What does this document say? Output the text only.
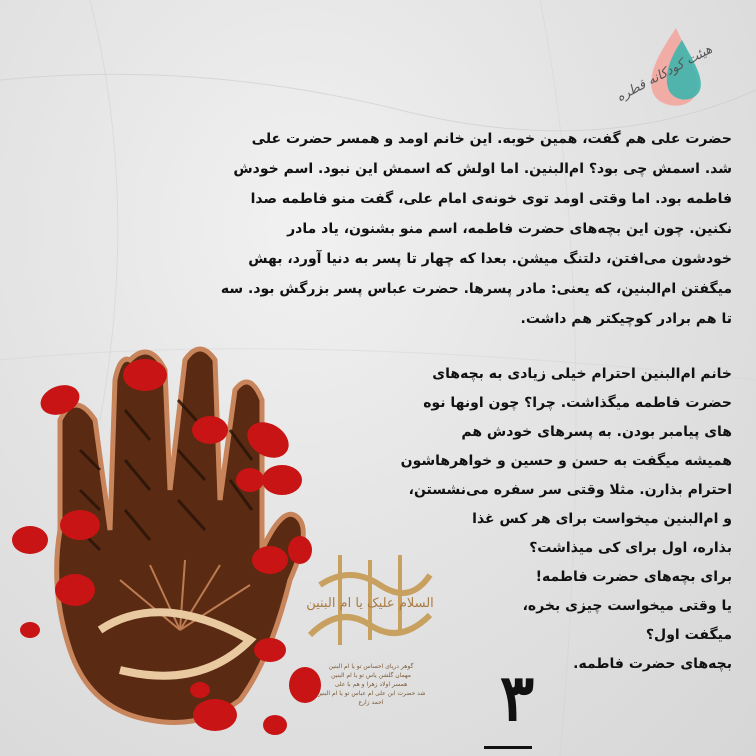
هیئت کودکانه قطره
حضرت علی هم گفت، همین خوبه. این خانم اومد و همسر حضرت علی
شد. اسمش چی بود؟ ام‌البنین. اما اولش که اسمش این نبود. اسم خودش
فاطمه بود. اما وقتی اومد توی خونه‌ی امام علی، گفت منو فاطمه صدا
نکنین. چون این بچه‌های حضرت فاطمه، اسم منو بشنون، یاد مادر
خودشون می‌افتن، دلتنگ میشن. بعدا که چهار تا پسر به دنیا آورد، بهش
میگفتن ام‌البنین، که یعنی: مادر پسرها. حضرت عباس پسر بزرگش بود. سه
تا هم برادر کوچیکتر هم داشت.
السلام علیک یا ام البنین
گوهر دریای احساس تو یا ام البنین
مهمان گلشن یاس تو یا ام البنین
همسر اولاد زهرا و هم با علی
شد حضرت ابن علی ام عباس تو یا ام البنین
احمد زارع
خانم ام‌البنین احترام خیلی زیادی به بچه‌های
حضرت فاطمه میگذاشت. چرا؟ چون اونها نوه
های پیامبر بودن. به پسرهای خودش هم
همیشه میگفت به حسن و حسین و خواهرهاشون
احترام بذارن. مثلا وقتی سر سفره می‌نشستن،
و ام‌البنین میخواست برای هر کس غذا
بذاره، اول برای کی میذاشت؟
برای بچه‌های حضرت فاطمه!
یا وقتی میخواست چیزی بخره،
میگفت اول؟
بچه‌های حضرت فاطمه.
۳
